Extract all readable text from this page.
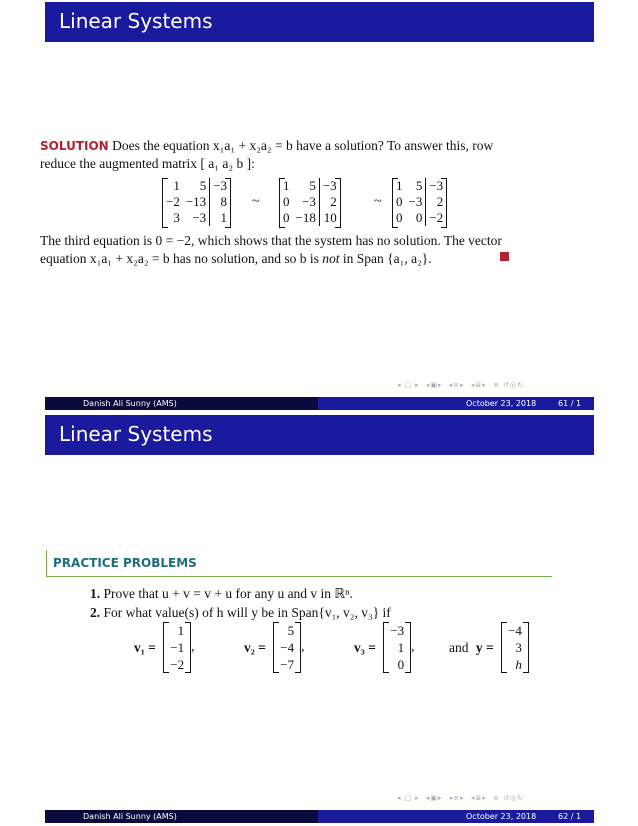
Linear Systems
◂ □ ▸ ◂▣▸ ◂≡▸ ◂≣▸ ≡ ↺◎↻
Danish Ali Sunny (AMS)	October 23, 2018	61 / 1
SOLUTION Does the equation x₁a₁ + x₂a₂ = b have a solution? To answer this, row
reduce the augmented matrix [ a₁ a₂ b ]:
1	5	−3
−2	−13	8
3	−3	1
~
1	5	−3
0	−3	2
0	−18	10
~
1	5	−3
0	−3	2
0	0	−2
The third equation is 0 = −2, which shows that the system has no solution. The vector
equation x₁a₁ + x₂a₂ = b has no solution, and so b is not in Span {a₁, a₂}.
Linear Systems
◂ □ ▸ ◂▣▸ ◂≡▸ ◂≣▸ ≡ ↺◎↻
Danish Ali Sunny (AMS)	October 23, 2018	62 / 1
PRACTICE PROBLEMS
1. Prove that u + v = v + u for any u and v in ℝⁿ.
2. For what value(s) of h will y be in Span{v₁, v₂, v₃} if
v₁ =
1
−1
−2
,	v₂ =
5
−4
−7
,	v₃ =
−3
1
0
,	and y =
−4
3
h
